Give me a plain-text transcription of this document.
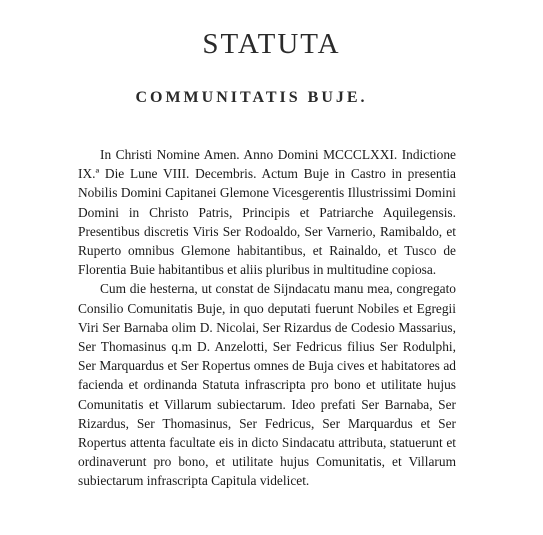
STATUTA
COMMUNITATIS BUJE.

In Christi Nomine Amen. Anno Domini MCCCLXXI. Indictione IX.ª Die Lune VIII. Decembris. Actum Buje in Castro in presentia Nobilis Domini Capitanei Glemone Vicesgerentis Illustrissimi Domini Domini in Christo Patris, Principis et Patriarche Aquilegensis. Presentibus discretis Viris Ser Rodoaldo, Ser Varnerio, Ramibaldo, et Ruperto omnibus Glemone habitantibus, et Rainaldo, et Tusco de Florentia Buie habitantibus et aliis pluribus in multitudine copiosa.

Cum die hesterna, ut constat de Sijndacatu manu mea, congregato Consilio Comunitatis Buje, in quo deputati fuerunt Nobiles et Egregii Viri Ser Barnaba olim D. Nicolai, Ser Rizardus de Codesio Massarius, Ser Thomasinus q.m D. Anzelotti, Ser Fedricus filius Ser Rodulphi, Ser Marquardus et Ser Ropertus omnes de Buja cives et habitatores ad facienda et ordinanda Statuta infrascripta pro bono et utilitate hujus Comunitatis et Villarum subiectarum. Ideo prefati Ser Barnaba, Ser Rizardus, Ser Thomasinus, Ser Fedricus, Ser Marquardus et Ser Ropertus attenta facultate eis in dicto Sindacatu attributa, statuerunt et ordinaverunt pro bono, et utilitate hujus Comunitatis, et Villarum subiectarum infrascripta Capitula videlicet.
